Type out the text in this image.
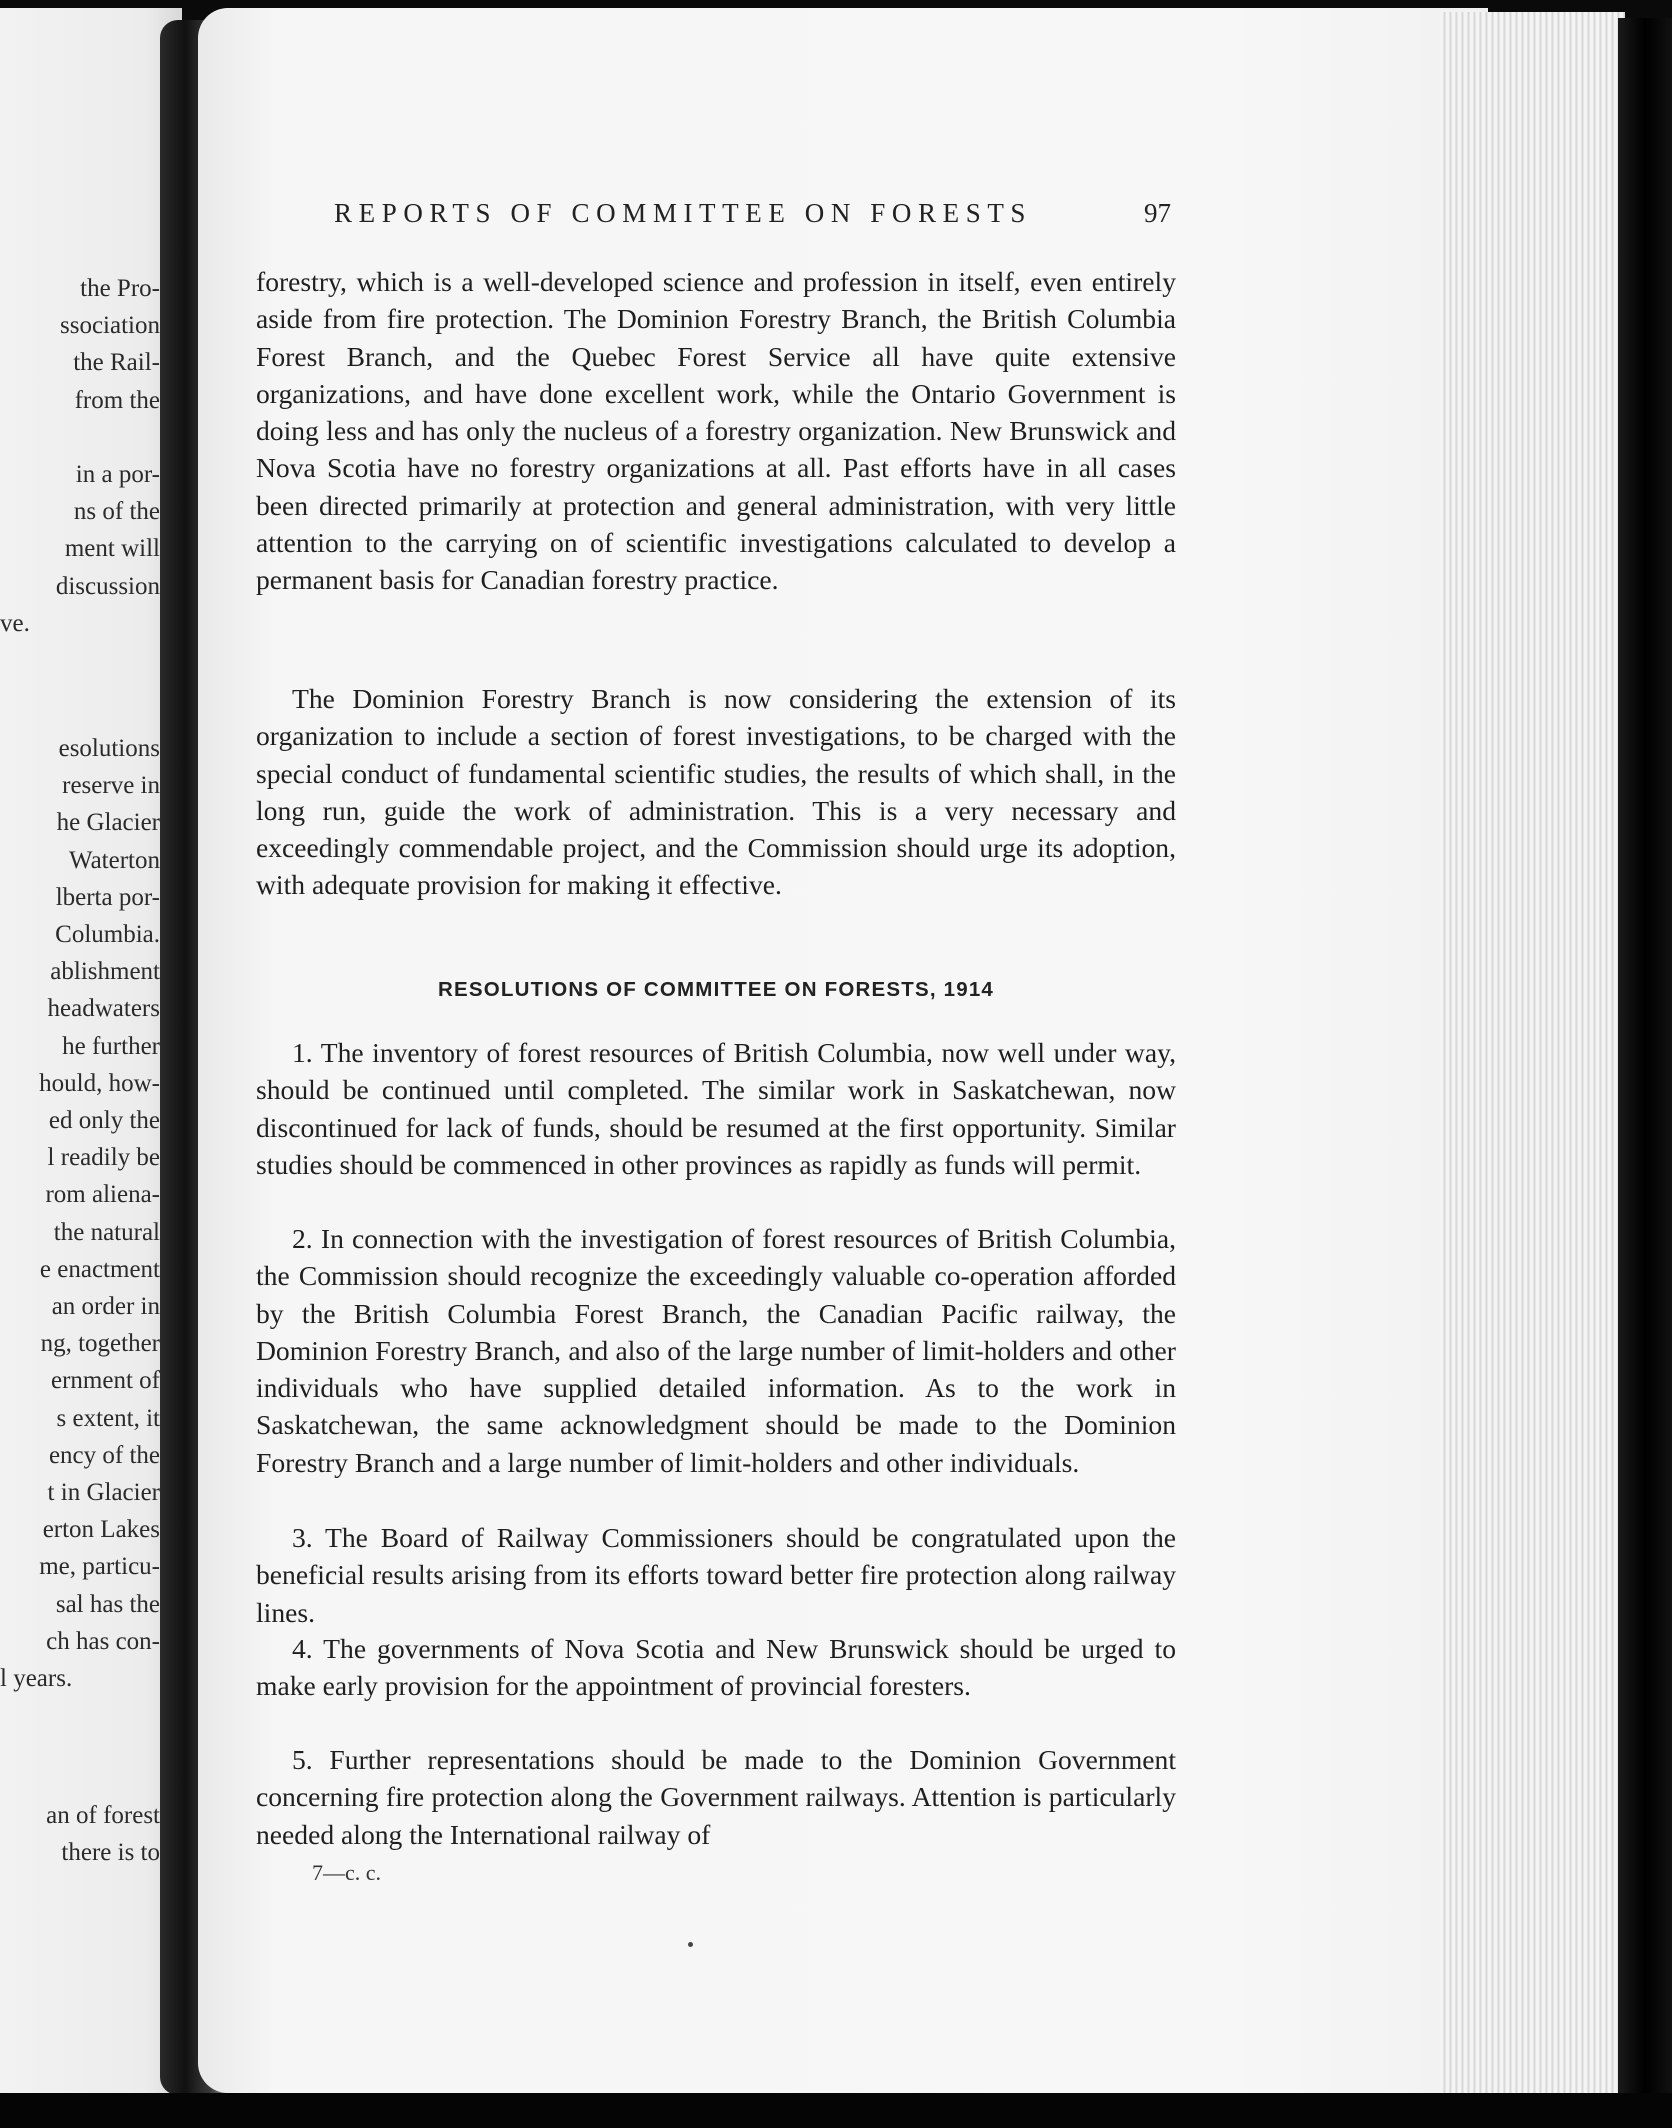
the Pro-
ssociation
the Rail-
from the
in a por-
ns of the
ment will
discussion
ve.
esolutions
reserve in
he Glacier
Waterton
lberta por-
Columbia.
ablishment
headwaters
he further
hould, how-
ed only the
l readily be
rom aliena-
the natural
e enactment
an order in
ng, together
ernment of
s extent, it
ency of the
t in Glacier
erton Lakes
me, particu-
sal has the
ch has con-
l years.
an of forest
there is to
REPORTS OF COMMITTEE ON FORESTS	97

forestry, which is a well-developed science and profession in itself, even entirely aside from fire protection. The Dominion Forestry Branch, the British Columbia Forest Branch, and the Quebec Forest Service all have quite extensive organizations, and have done excellent work, while the Ontario Government is doing less and has only the nucleus of a forestry organization. New Brunswick and Nova Scotia have no forestry organizations at all. Past efforts have in all cases been directed primarily at protection and general administration, with very little attention to the carrying on of scientific investigations calculated to develop a permanent basis for Canadian forestry practice.

The Dominion Forestry Branch is now considering the extension of its organization to include a section of forest investigations, to be charged with the special conduct of fundamental scientific studies, the results of which shall, in the long run, guide the work of administration. This is a very necessary and exceedingly commendable project, and the Commission should urge its adoption, with adequate provision for making it effective.

RESOLUTIONS OF COMMITTEE ON FORESTS, 1914

1. The inventory of forest resources of British Columbia, now well under way, should be continued until completed. The similar work in Saskatchewan, now discontinued for lack of funds, should be resumed at the first opportunity. Similar studies should be commenced in other provinces as rapidly as funds will permit.

2. In connection with the investigation of forest resources of British Columbia, the Commission should recognize the exceedingly valuable co-operation afforded by the British Columbia Forest Branch, the Canadian Pacific railway, the Dominion Forestry Branch, and also of the large number of limit-holders and other individuals who have supplied detailed information. As to the work in Saskatchewan, the same acknowledgment should be made to the Dominion Forestry Branch and a large number of limit-holders and other individuals.

3. The Board of Railway Commissioners should be congratulated upon the beneficial results arising from its efforts toward better fire protection along railway lines.

4. The governments of Nova Scotia and New Brunswick should be urged to make early provision for the appointment of provincial foresters.

5. Further representations should be made to the Dominion Government concerning fire protection along the Government railways. Attention is particularly needed along the International railway of

7—c. c.
